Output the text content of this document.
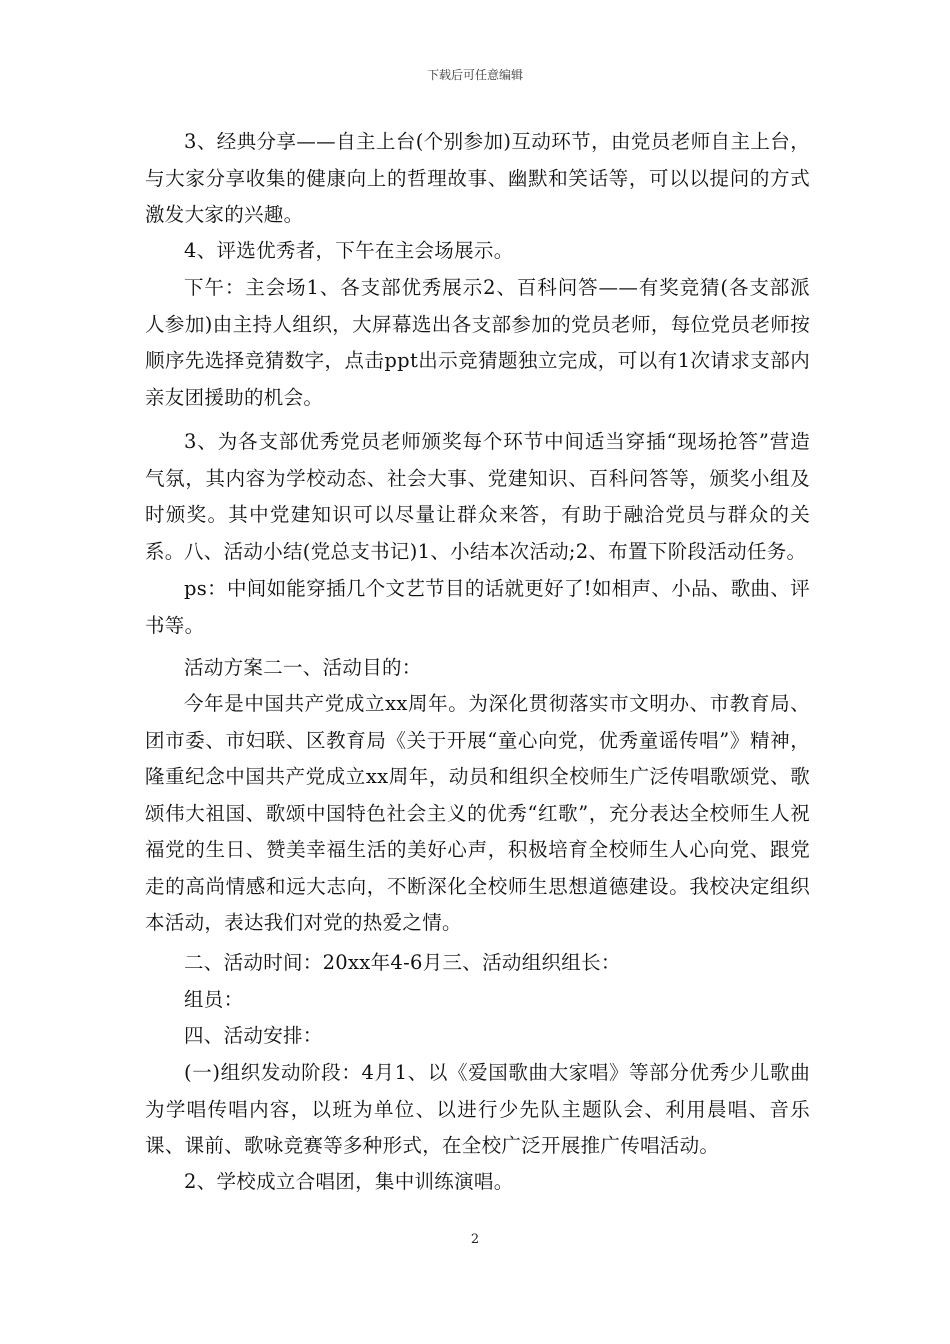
下载后可任意编辑

3、经典分享——自主上台(个别参加)互动环节，由党员老师自主上台，与大家分享收集的健康向上的哲理故事、幽默和笑话等，可以以提问的方式激发大家的兴趣。

4、评选优秀者，下午在主会场展示。

下午：主会场1、各支部优秀展示2、百科问答——有奖竞猜(各支部派人参加)由主持人组织，大屏幕选出各支部参加的党员老师，每位党员老师按顺序先选择竞猜数字，点击ppt出示竞猜题独立完成，可以有1次请求支部内亲友团援助的机会。

3、为各支部优秀党员老师颁奖每个环节中间适当穿插“现场抢答”营造气氛，其内容为学校动态、社会大事、党建知识、百科问答等，颁奖小组及时颁奖。其中党建知识可以尽量让群众来答，有助于融洽党员与群众的关系。 八、活动小结(党总支书记)1、小结本次活动;2、布置下阶段活动任务。

ps：中间如能穿插几个文艺节目的话就更好了!如相声、小品、歌曲、评书等。

活动方案二一、活动目的：

今年是中国共产党成立xx周年。为深化贯彻落实市文明办、市教育局、团市委、市妇联、区教育局《关于开展“童心向党，优秀童谣传唱”》精神，隆重纪念中国共产党成立xx周年，动员和组织全校师生广泛传唱歌颂党、歌颂伟大祖国、歌颂中国特色社会主义的优秀“红歌”，充分表达全校师生人祝福党的生日、赞美幸福生活的美好心声，积极培育全校师生人心向党、跟党走的高尚情感和远大志向，不断深化全校师生思想道德建设。我校决定组织本活动，表达我们对党的热爱之情。

二、活动时间：20xx年4-6月三、活动组织组长：

组员：

四、活动安排：

(一)组织发动阶段：4月1、以《爱国歌曲大家唱》等部分优秀少儿歌曲为学唱传唱内容，以班为单位、以进行少先队主题队会、利用晨唱、音乐课、课前、歌咏竞赛等多种形式，在全校广泛开展推广传唱活动。

2、学校成立合唱团，集中训练演唱。

2
